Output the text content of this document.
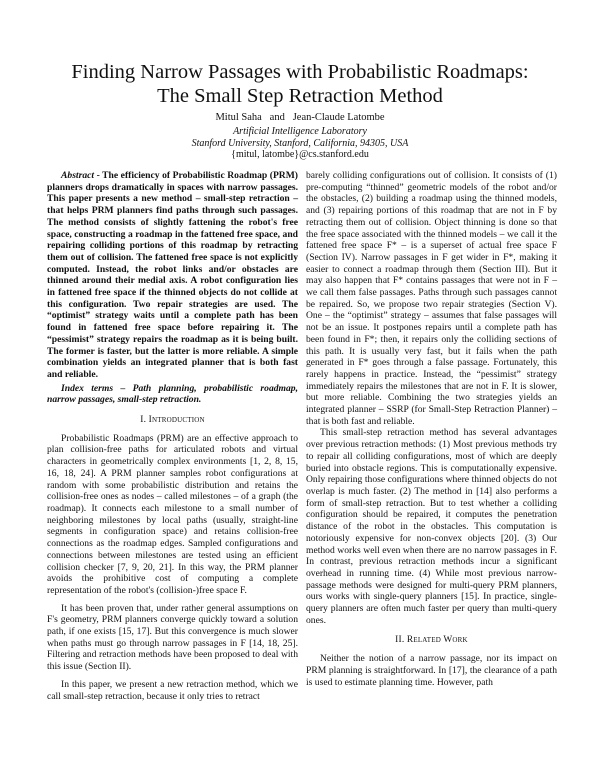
Finding Narrow Passages with Probabilistic Roadmaps:
The Small Step Retraction Method
Mitul Saha   and   Jean-Claude Latombe
Artificial Intelligence Laboratory
Stanford University, Stanford, California, 94305, USA
{mitul, latombe}@cs.stanford.edu

Abstract - The efficiency of Probabilistic Roadmap (PRM) planners drops dramatically in spaces with narrow passages. This paper presents a new method – small-step retraction – that helps PRM planners find paths through such passages. The method consists of slightly fattening the robot's free space, constructing a roadmap in the fattened free space, and repairing colliding portions of this roadmap by retracting them out of collision. The fattened free space is not explicitly computed. Instead, the robot links and/or obstacles are thinned around their medial axis. A robot configuration lies in fattened free space if the thinned objects do not collide at this configuration. Two repair strategies are used. The “optimist” strategy waits until a complete path has been found in fattened free space before repairing it. The “pessimist” strategy repairs the roadmap as it is being built. The former is faster, but the latter is more reliable. A simple combination yields an integrated planner that is both fast and reliable.

Index terms – Path planning, probabilistic roadmap, narrow passages, small-step retraction.

I. Introduction

Probabilistic Roadmaps (PRM) are an effective approach to plan collision-free paths for articulated robots and virtual characters in geometrically complex environments [1, 2, 8, 15, 16, 18, 24]. A PRM planner samples robot configurations at random with some probabilistic distribution and retains the collision-free ones as nodes – called milestones – of a graph (the roadmap). It connects each milestone to a small number of neighboring milestones by local paths (usually, straight-line segments in configuration space) and retains collision-free connections as the roadmap edges. Sampled configurations and connections between milestones are tested using an efficient collision checker [7, 9, 20, 21]. In this way, the PRM planner avoids the prohibitive cost of computing a complete representation of the robot's (collision-)free space F.

It has been proven that, under rather general assumptions on F's geometry, PRM planners converge quickly toward a solution path, if one exists [15, 17]. But this convergence is much slower when paths must go through narrow passages in F [14, 18, 25]. Filtering and retraction methods have been proposed to deal with this issue (Section II).

In this paper, we present a new retraction method, which we call small-step retraction, because it only tries to retract

barely colliding configurations out of collision. It consists of (1) pre-computing “thinned” geometric models of the robot and/or the obstacles, (2) building a roadmap using the thinned models, and (3) repairing portions of this roadmap that are not in F by retracting them out of collision. Object thinning is done so that the free space associated with the thinned models – we call it the fattened free space F* – is a superset of actual free space F (Section IV). Narrow passages in F get wider in F*, making it easier to connect a roadmap through them (Section III). But it may also happen that F* contains passages that were not in F – we call them false passages. Paths through such passages cannot be repaired. So, we propose two repair strategies (Section V). One – the “optimist” strategy – assumes that false passages will not be an issue. It postpones repairs until a complete path has been found in F*; then, it repairs only the colliding sections of this path. It is usually very fast, but it fails when the path generated in F* goes through a false passage. Fortunately, this rarely happens in practice. Instead, the “pessimist” strategy immediately repairs the milestones that are not in F. It is slower, but more reliable. Combining the two strategies yields an integrated planner – SSRP (for Small-Step Retraction Planner) – that is both fast and reliable.

This small-step retraction method has several advantages over previous retraction methods: (1) Most previous methods try to repair all colliding configurations, most of which are deeply buried into obstacle regions. This is computationally expensive. Only repairing those configurations where thinned objects do not overlap is much faster. (2) The method in [14] also performs a form of small-step retraction. But to test whether a colliding configuration should be repaired, it computes the penetration distance of the robot in the obstacles. This computation is notoriously expensive for non-convex objects [20]. (3) Our method works well even when there are no narrow passages in F. In contrast, previous retraction methods incur a significant overhead in running time. (4) While most previous narrow-passage methods were designed for multi-query PRM planners, ours works with single-query planners [15]. In practice, single-query planners are often much faster per query than multi-query ones.

II. Related Work

Neither the notion of a narrow passage, nor its impact on PRM planning is straightforward. In [17], the clearance of a path is used to estimate planning time. However, path
